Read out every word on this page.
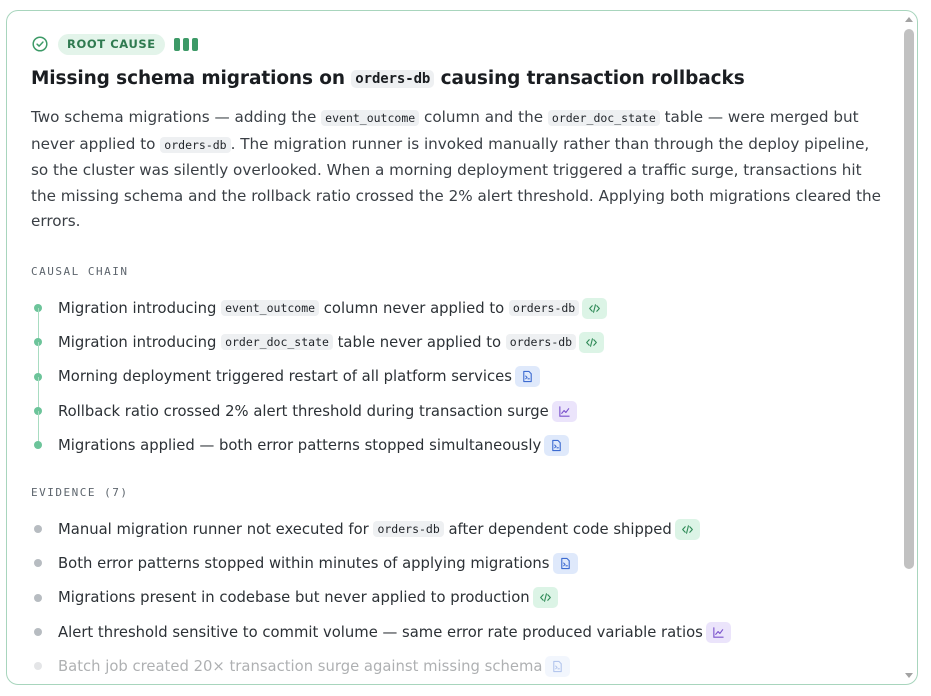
ROOT CAUSE
Missing schema migrations on orders-db causing transaction rollbacks

Two schema migrations — adding the event_outcome column and the order_doc_state table — were merged but never applied to orders-db . The migration runner is invoked manually rather than through the deploy pipeline, so the cluster was silently overlooked. When a morning deployment triggered a traffic surge, transactions hit the missing schema and the rollback ratio crossed the 2% alert threshold. Applying both migrations cleared the errors.

CAUSAL CHAIN
Migration introducing event_outcome column never applied to orders-db
Migration introducing order_doc_state table never applied to orders-db
Morning deployment triggered restart of all platform services
Rollback ratio crossed 2% alert threshold during transaction surge
Migrations applied — both error patterns stopped simultaneously
EVIDENCE (7)
Manual migration runner not executed for orders-db after dependent code shipped
Both error patterns stopped within minutes of applying migrations
Migrations present in codebase but never applied to production
Alert threshold sensitive to commit volume — same error rate produced variable ratios
Batch job created 20× transaction surge against missing schema
